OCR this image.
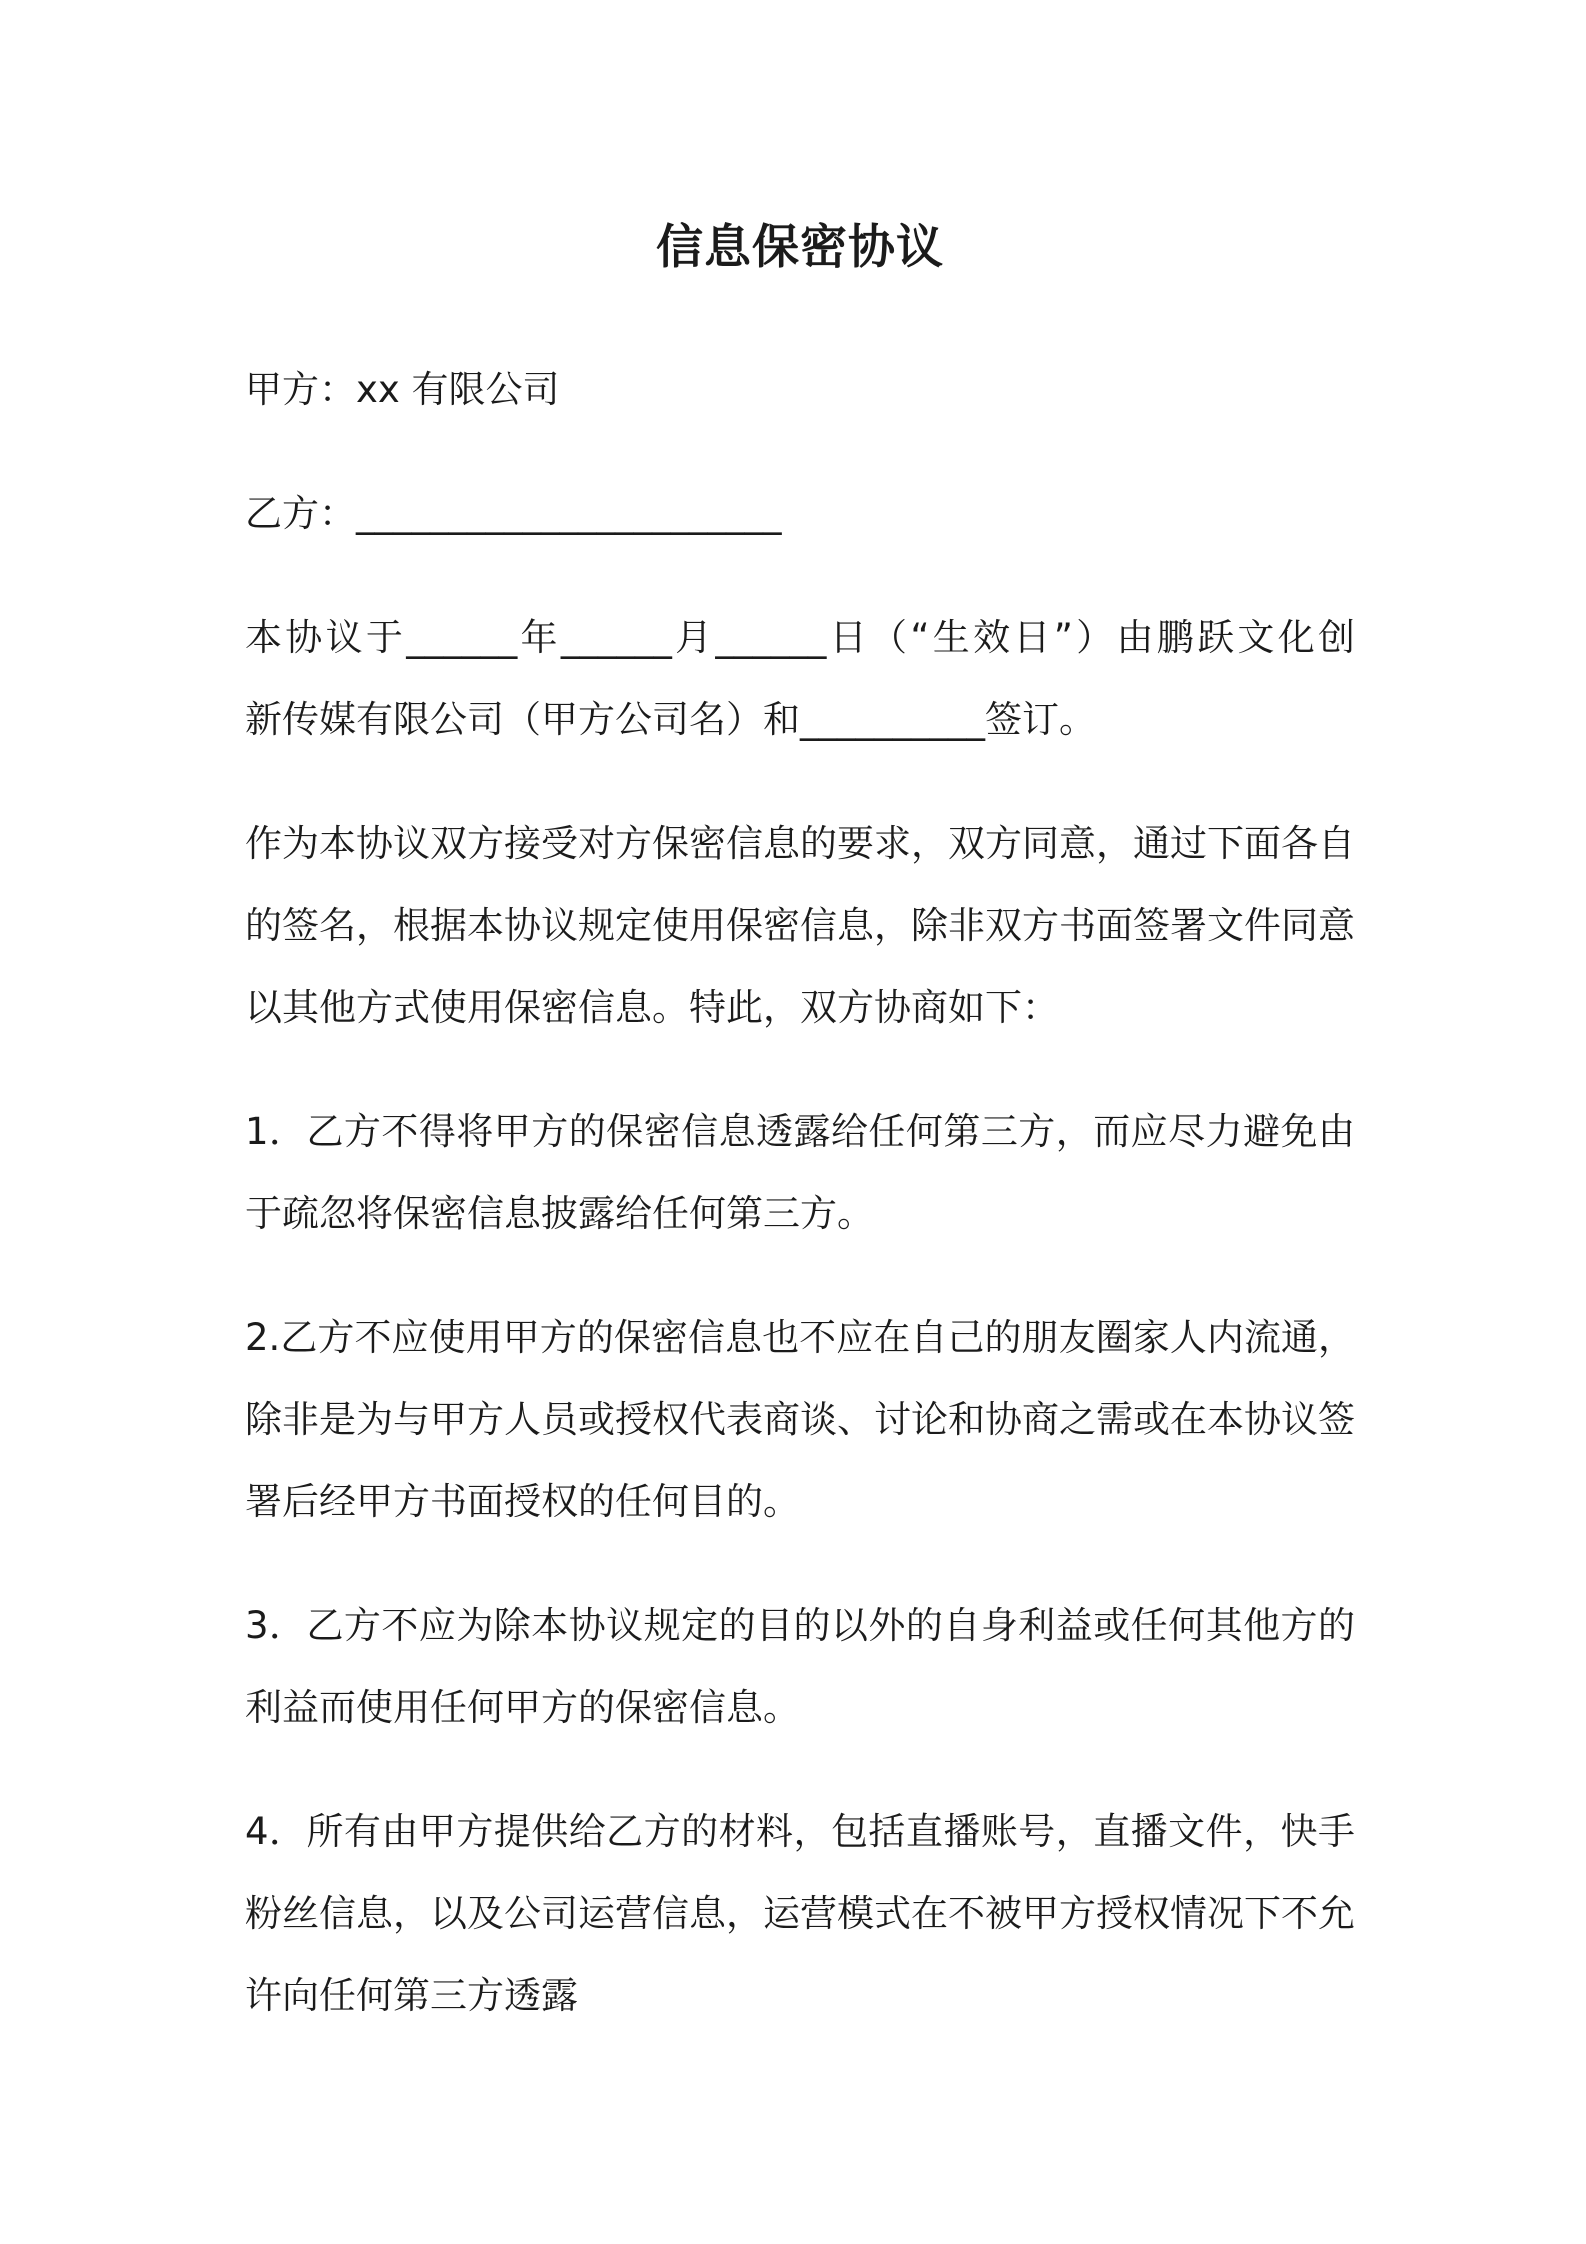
信息保密协议
甲方：xx 有限公司
乙方：_______________________
本协议于______年______月______日（“生效日”）由鹏跃文化创
新传媒有限公司（甲方公司名）和__________签订。
作为本协议双方接受对方保密信息的要求，双方同意，通过下面各自
的签名，根据本协议规定使用保密信息，除非双方书面签署文件同意
以其他方式使用保密信息。特此，双方协商如下：
1．乙方不得将甲方的保密信息透露给任何第三方，而应尽力避免由
于疏忽将保密信息披露给任何第三方。
2.乙方不应使用甲方的保密信息也不应在自己的朋友圈家人内流通，
除非是为与甲方人员或授权代表商谈、讨论和协商之需或在本协议签
署后经甲方书面授权的任何目的。
3．乙方不应为除本协议规定的目的以外的自身利益或任何其他方的
利益而使用任何甲方的保密信息。
4．所有由甲方提供给乙方的材料，包括直播账号，直播文件，快手
粉丝信息，以及公司运营信息，运营模式在不被甲方授权情况下不允
许向任何第三方透露
